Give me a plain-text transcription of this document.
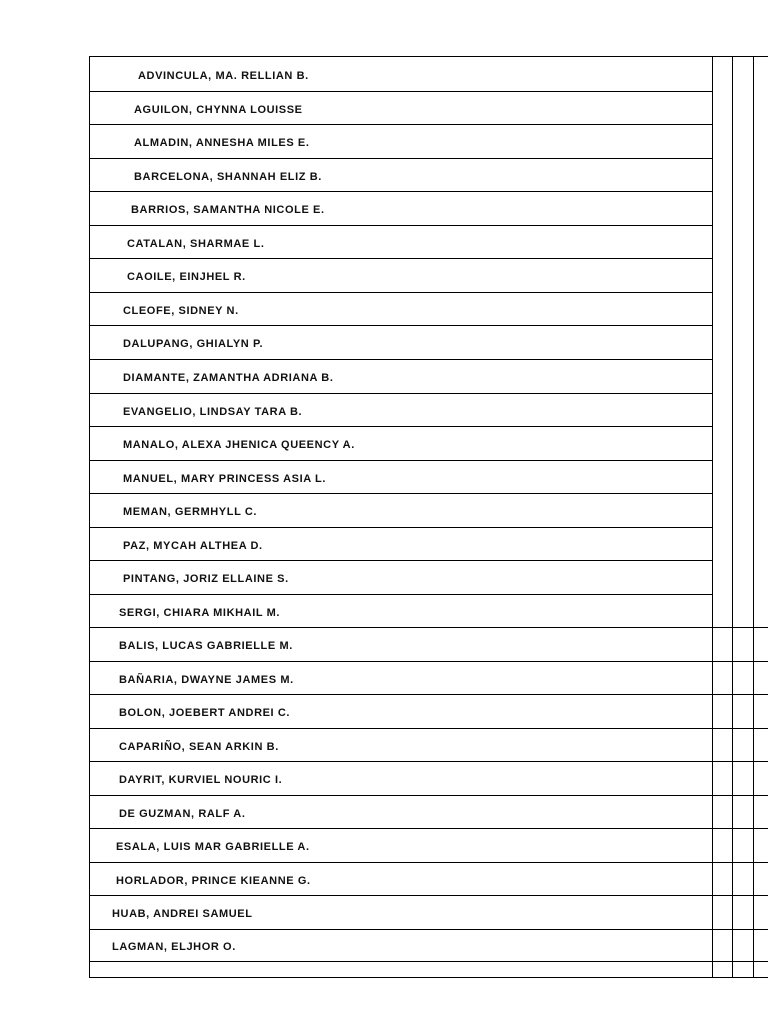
ADVINCULA, MA. RELLIAN B.
AGUILON, CHYNNA LOUISSE
ALMADIN, ANNESHA MILES E.
BARCELONA, SHANNAH ELIZ B.
BARRIOS, SAMANTHA NICOLE E.
CATALAN, SHARMAE L.
CAOILE, EINJHEL R.
CLEOFE, SIDNEY N.
DALUPANG, GHIALYN P.
DIAMANTE, ZAMANTHA ADRIANA B.
EVANGELIO, LINDSAY TARA B.
MANALO, ALEXA JHENICA QUEENCY A.
MANUEL, MARY PRINCESS ASIA L.
MEMAN, GERMHYLL C.
PAZ, MYCAH ALTHEA D.
PINTANG, JORIZ ELLAINE S.
SERGI, CHIARA MIKHAIL M.
BALIS, LUCAS GABRIELLE M.
BAÑARIA, DWAYNE JAMES M.
BOLON, JOEBERT ANDREI C.
CAPARIÑO, SEAN ARKIN B.
DAYRIT, KURVIEL NOURIC I.
DE GUZMAN, RALF A.
ESALA, LUIS MAR GABRIELLE A.
HORLADOR, PRINCE KIEANNE G.
HUAB, ANDREI SAMUEL
LAGMAN, ELJHOR O.
